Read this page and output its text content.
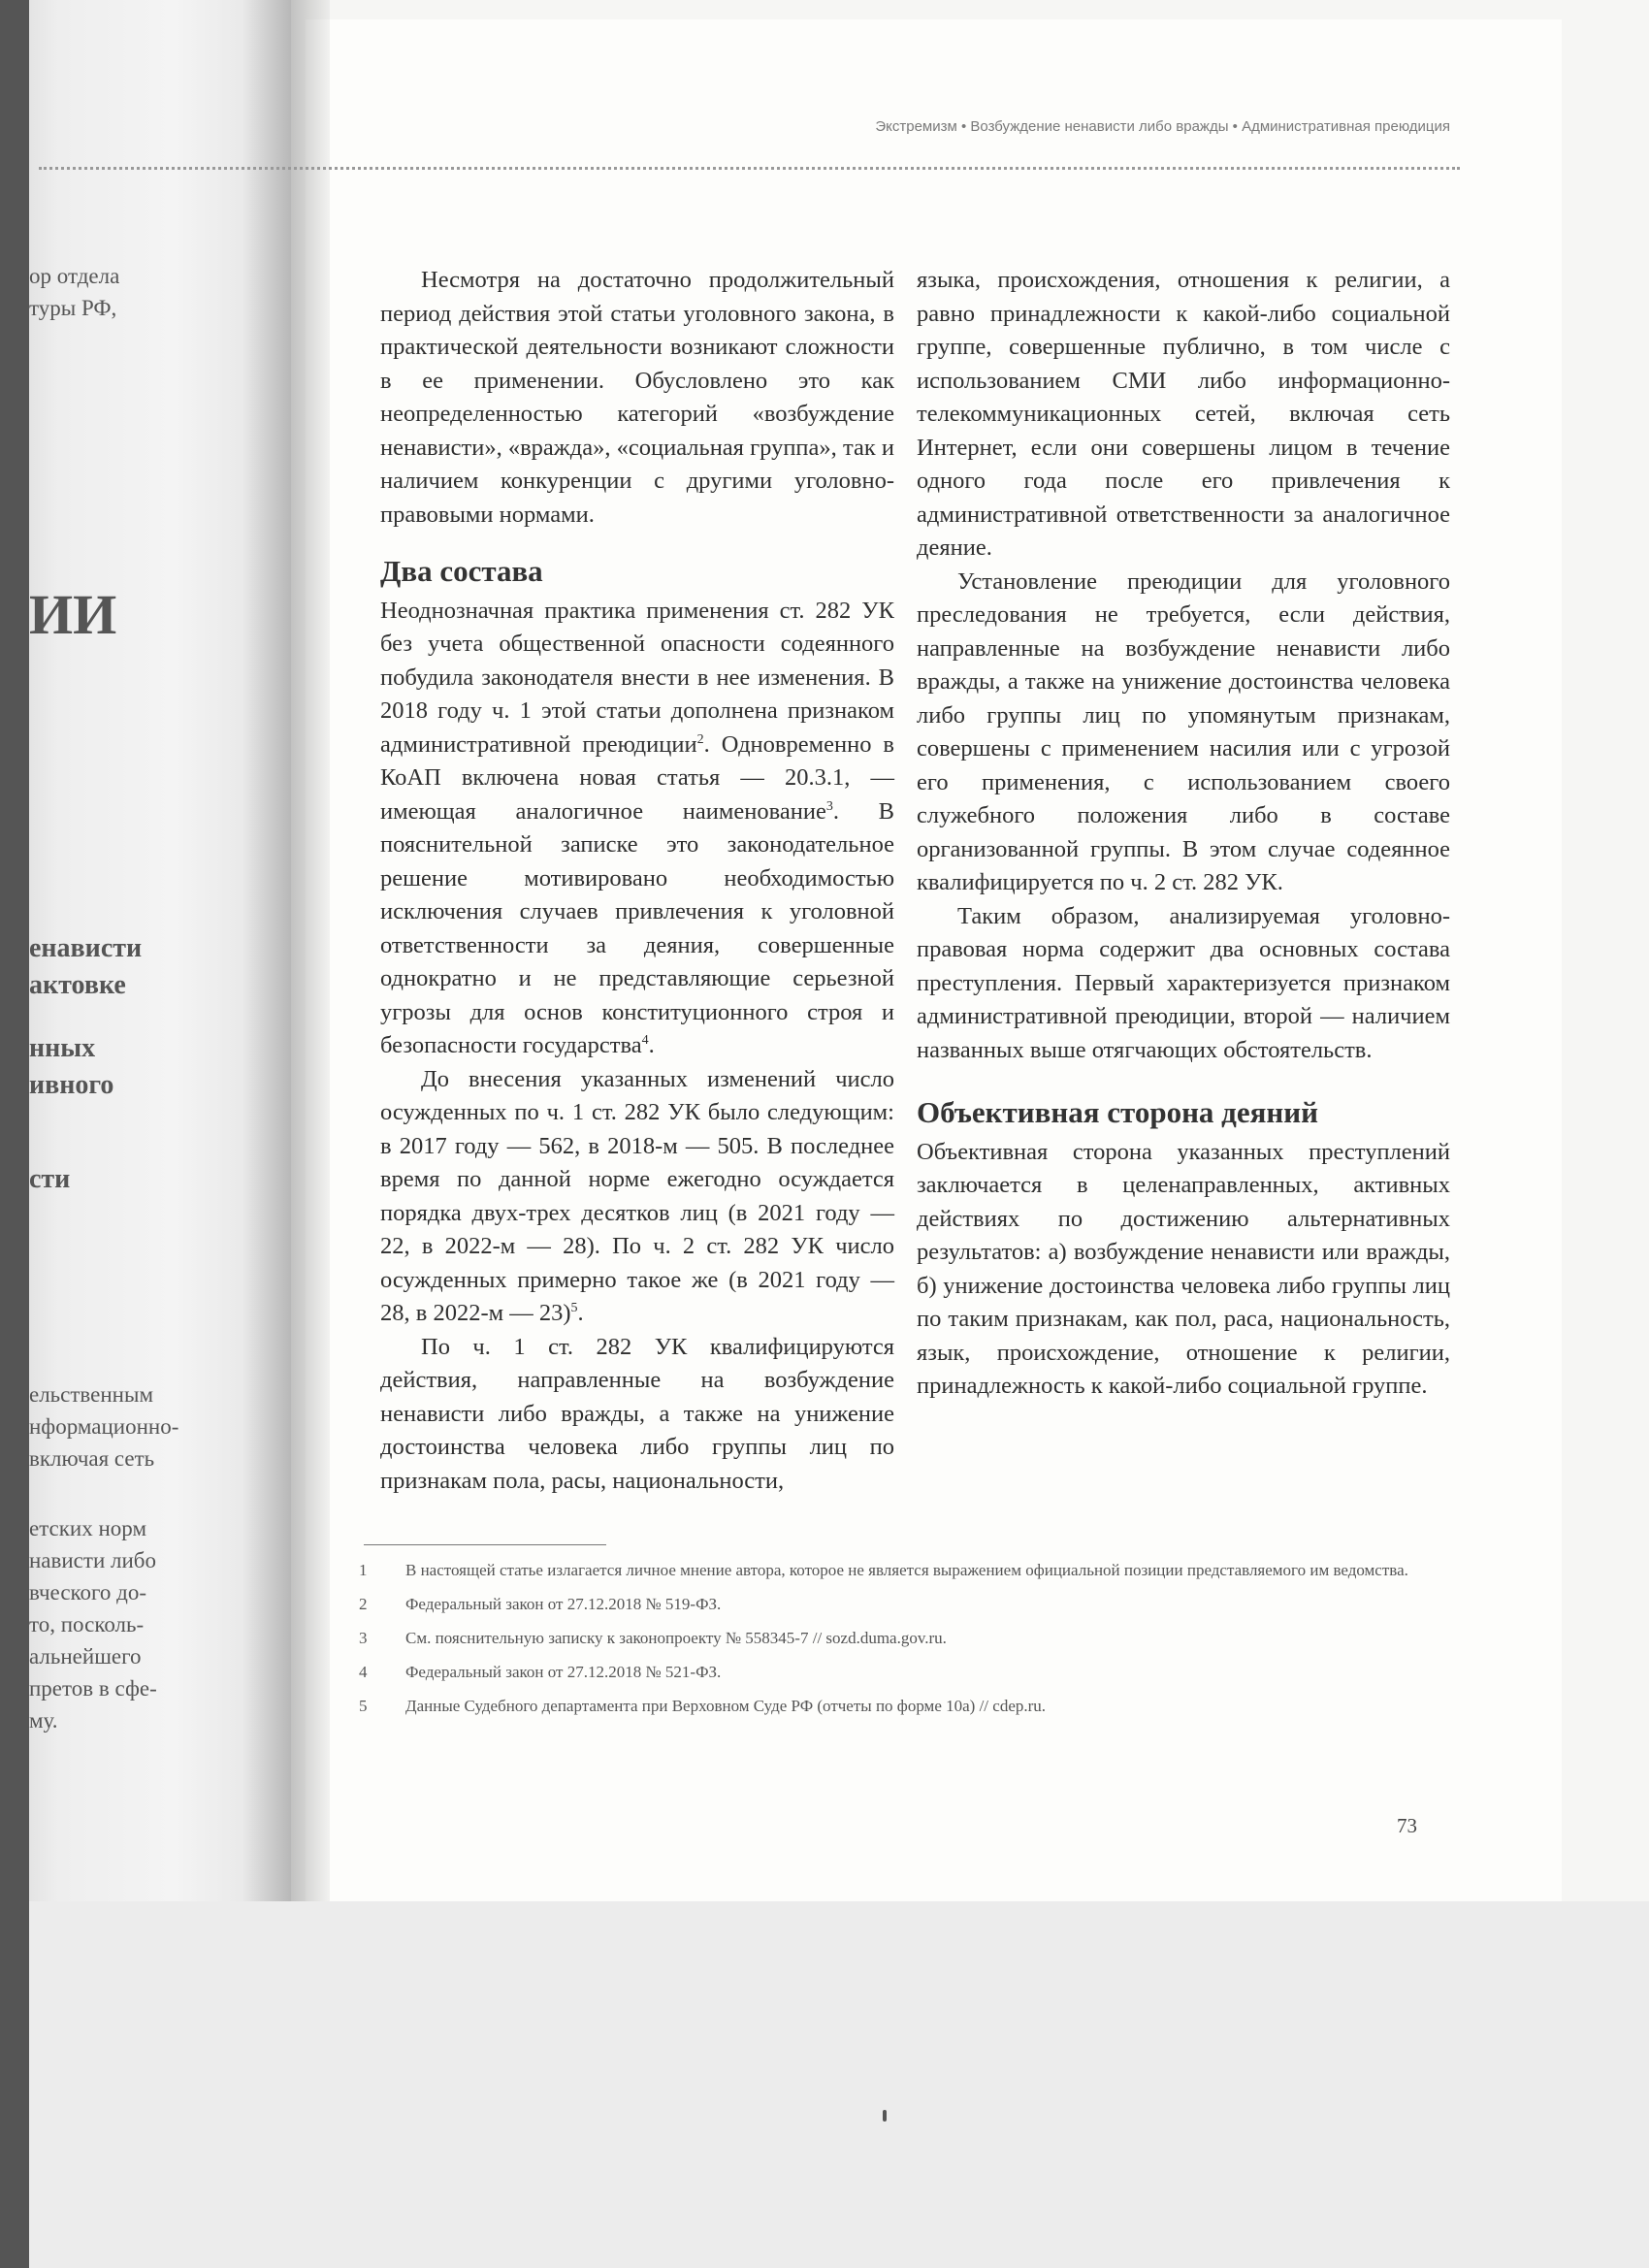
ор отдела
туры РФ,
ИИ
енависти
актовке
нных
ивного
сти
ельственным
нформационно-
включая сеть
етских норм
нависти либо
вческого до-
то, посколь-
альнейшего
претов в сфе-
му.
Экстремизм • Возбуждение ненависти либо вражды • Административная преюдиция

Несмотря на достаточно продолжительный период действия этой статьи уголовного закона, в практической деятельности возникают сложности в ее применении. Обусловлено это как неопределенностью категорий «возбуждение ненависти», «вражда», «социальная группа», так и наличием конкуренции с другими уголовно-правовыми нормами.

Два состава

Неоднозначная практика применения ст. 282 УК без учета общественной опасности содеянного побудила законодателя внести в нее изменения. В 2018 году ч. 1 этой статьи дополнена признаком административной преюдиции$^2$. Одновременно в КоАП включена новая статья — 20.3.1, — имеющая аналогичное наименование$^3$. В пояснительной записке это законодательное решение мотивировано необходимостью исключения случаев привлечения к уголовной ответственности за деяния, совершенные однократно и не представляющие серьезной угрозы для основ конституционного строя и безопасности государства$^4$.

До внесения указанных изменений число осужденных по ч. 1 ст. 282 УК было следующим: в 2017 году — 562, в 2018-м — 505. В последнее время по данной норме ежегодно осуждается порядка двух-трех десятков лиц (в 2021 году — 22, в 2022-м — 28). По ч. 2 ст. 282 УК число осужденных примерно такое же (в 2021 году — 28, в 2022-м — 23)$^5$.

По ч. 1 ст. 282 УК квалифицируются действия, направленные на возбуждение ненависти либо вражды, а также на унижение достоинства человека либо группы лиц по признакам пола, расы, национальности,

языка, происхождения, отношения к религии, а равно принадлежности к какой-либо социальной группе, совершенные публично, в том числе с использованием СМИ либо информационно-телекоммуникационных сетей, включая сеть Интернет, если они совершены лицом в течение одного года после его привлечения к административной ответственности за аналогичное деяние.

Установление преюдиции для уголовного преследования не требуется, если действия, направленные на возбуждение ненависти либо вражды, а также на унижение достоинства человека либо группы лиц по упомянутым признакам, совершены с применением насилия или с угрозой его применения, с использованием своего служебного положения либо в составе организованной группы. В этом случае содеянное квалифицируется по ч. 2 ст. 282 УК.

Таким образом, анализируемая уголовно-правовая норма содержит два основных состава преступления. Первый характеризуется признаком административной преюдиции, второй — наличием названных выше отягчающих обстоятельств.

Объективная сторона деяний

Объективная сторона указанных преступлений заключается в целенаправленных, активных действиях по достижению альтернативных результатов: а) возбуждение ненависти или вражды, б) унижение достоинства человека либо группы лиц по таким признакам, как пол, раса, национальность, язык, происхождение, отношение к религии, принадлежность к какой-либо социальной группе.

1	В настоящей статье излагается личное мнение автора, которое не является выражением официальной позиции представляемого им ведомства.
2	Федеральный закон от 27.12.2018 № 519-ФЗ.
3	См. пояснительную записку к законопроекту № 558345-7 // sozd.duma.gov.ru.
4	Федеральный закон от 27.12.2018 № 521-ФЗ.
5	Данные Судебного департамента при Верховном Суде РФ (отчеты по форме 10а) // cdep.ru.
73
